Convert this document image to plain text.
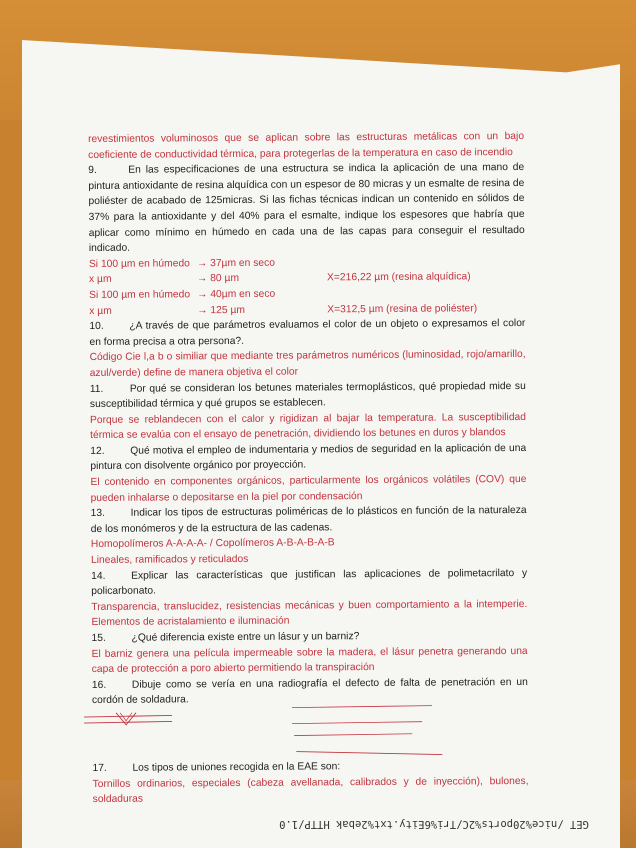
revestimientos voluminosos que se aplican sobre las estructuras metálicas con un bajo coeficiente de conductividad térmica, para protegerlas de la temperatura en caso de incendio

9.	En las especificaciones de una estructura se indica la aplicación de una mano de pintura antioxidante de resina alquídica con un espesor de 80 micras y un esmalte de resina de poliéster de acabado de 125micras. Si las fichas técnicas indican un contenido en sólidos de 37% para la antioxidante y del 40% para el esmalte, indique los espesores que habría que aplicar como mínimo en húmedo en cada una de las capas para conseguir el resultado indicado.

Si 100 µm en húmedo → 37µm en seco
x µm	→ 80 µm	X=216,22 µm (resina alquídica)
Si 100 µm en húmedo → 40µm en seco
x µm	→ 125 µm	X=312,5 µm (resina de poliéster)

10. ¿A través de que parámetros evaluamos el color de un objeto o expresamos el color en forma precisa a otra persona?.

Código Cie l,a b o similiar que mediante tres parámetros numéricos (luminosidad, rojo/amarillo, azul/verde) define de manera objetiva el color

11.	Por qué se consideran los betunes materiales termoplásticos, qué propiedad mide su susceptibilidad térmica y qué grupos se establecen.

Porque se reblandecen con el calor y rigidizan al bajar la temperatura. La susceptibilidad térmica se evalúa con el ensayo de penetración, dividiendo los betunes en duros y blandos

12. Qué motiva el empleo de indumentaria y medios de seguridad en la aplicación de una pintura con disolvente orgánico por proyección.

El contenido en componentes orgánicos, particularmente los orgánicos volátiles (COV) que pueden inhalarse o depositarse en la piel por condensación

13. Indicar los tipos de estructuras poliméricas de lo plásticos en función de la naturaleza de los monómeros y de la estructura de las cadenas.

Homopolímeros A-A-A-A- / Copolímeros A-B-A-B-A-B

Lineales, ramificados y reticulados

14. Explicar las características que justifican las aplicaciones de polimetacrilato y policarbonato.

Transparencia, translucidez, resistencias mecánicas y buen comportamiento a la intemperie. Elementos de acristalamiento e iluminación

15. ¿Qué diferencia existe entre un lásur y un barniz?

El barniz genera una película impermeable sobre la madera, el lásur penetra generando una capa de protección a poro abierto permitiendo la transpiración

16. Dibuje como se vería en una radiografía el defecto de falta de penetración en un cordón de soldadura.

17. Los tipos de uniones recogida en la EAE son:

Tornillos ordinarios, especiales (cabeza avellanada, calibrados y de inyección), bulones, soldaduras

GET /nice%20ports%2C/Tri%6Eity.txt%2ebak HTTP/1.0
